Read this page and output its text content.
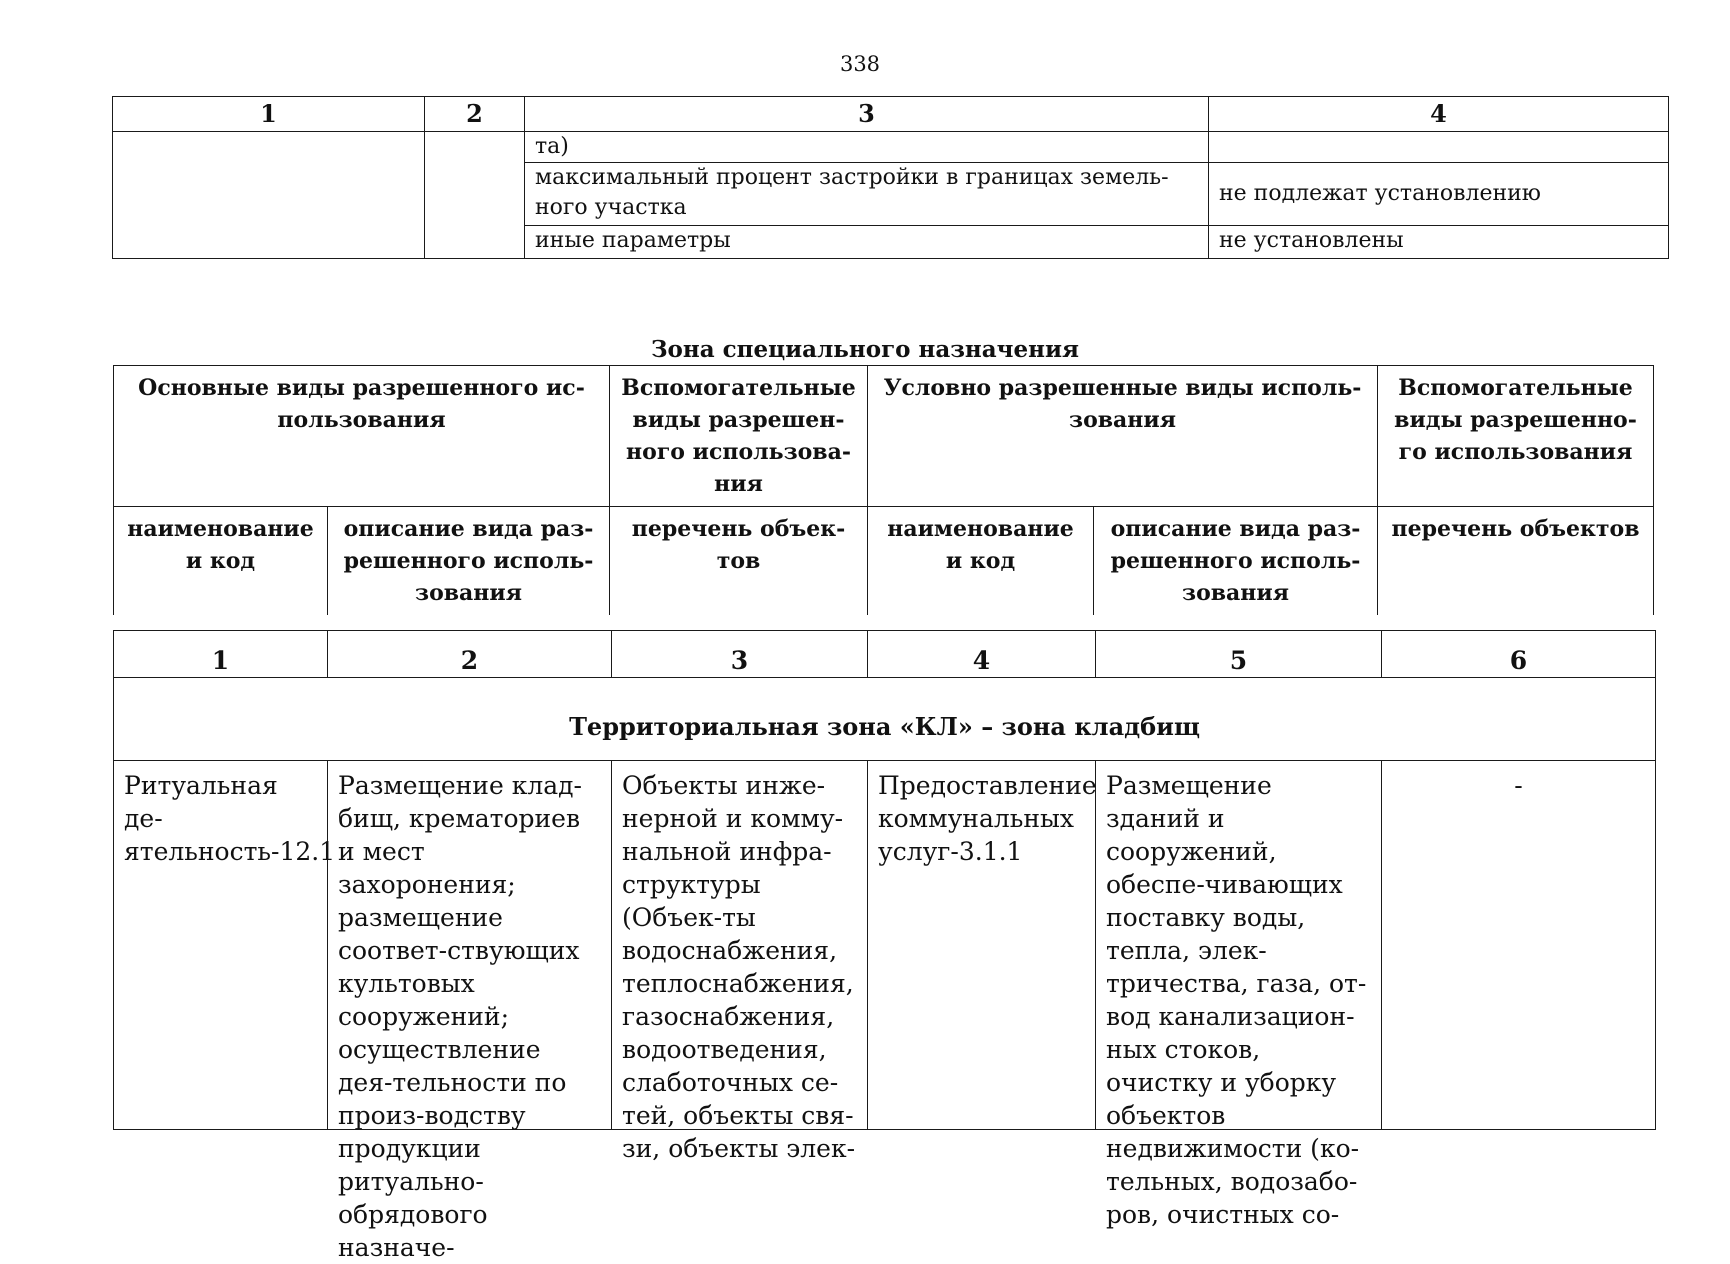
338
1	2	3	4
		та)	
		максимальный процент застройки в границах земель-ного участка	не подлежат установлению
		иные параметры	не установлены
Зона специального назначения
Основные виды разрешенного ис-пользования		Вспомогательные виды разрешен-ного использова-ния	Условно разрешенные виды исполь-зования		Вспомогательные виды разрешенно-го использования
наименование и код	описание вида раз-решенного исполь-зования	перечень объек-тов	наименование и код	описание вида раз-решенного исполь-зования	перечень объектов
1	2	3	4	5	6
Территориальная зона «КЛ» – зона кладбищ					

Ритуальная де-ятельность-12.1	Размещение клад-бищ, крематориев и мест захоронения; размещение соответ-ствующих культовых сооружений; осуществление дея-тельности по произ-водству продукции ритуально-обрядового назначе-	Объекты инже-нерной и комму-нальной инфра-структуры (Объек-ты водоснабжения, теплоснабжения, газоснабжения, водоотведения, слаботочных се-тей, объекты свя-зи, объекты элек-	Предоставление коммунальных услуг-3.1.1	Размещение зданий и сооружений, обеспе-чивающих поставку воды, тепла, элек-тричества, газа, от-вод канализацион-ных стоков, очистку и уборку объектов недвижимости (ко-тельных, водозабо-ров, очистных со-	-
